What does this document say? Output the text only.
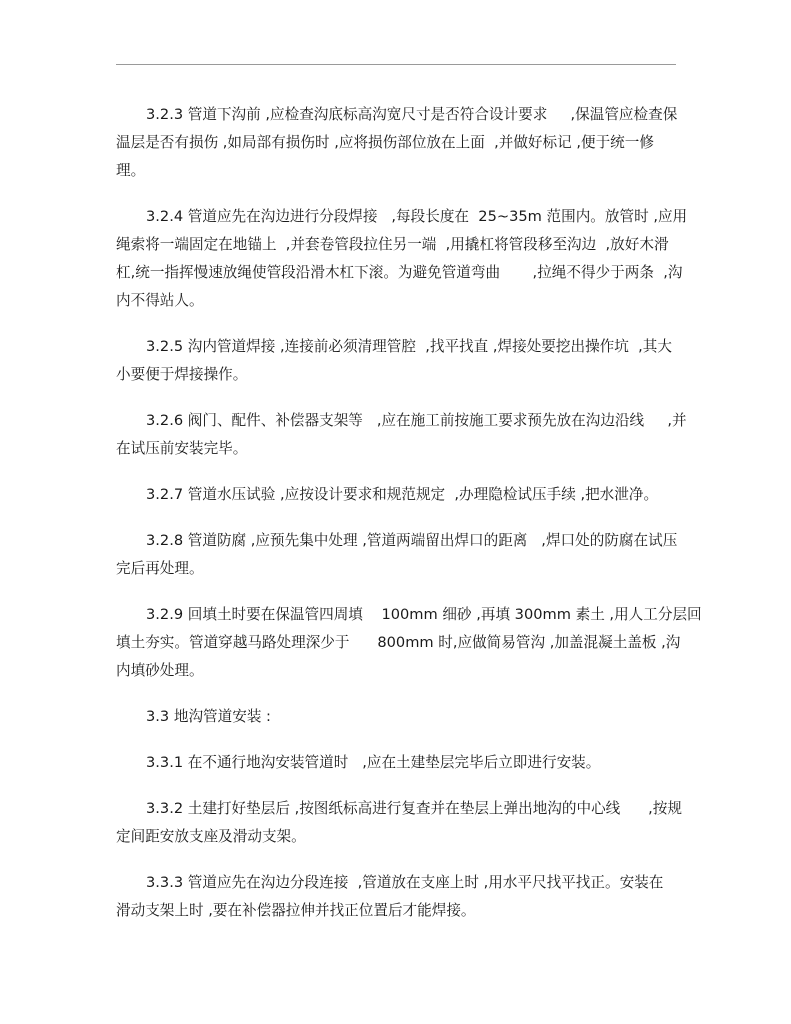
3.2.3 管道下沟前 ,应检查沟底标高沟宽尺寸是否符合设计要求     ,保温管应检查保
温层是否有损伤 ,如局部有损伤时 ,应将损伤部位放在上面  ,并做好标记 ,便于统一修
理。

3.2.4 管道应先在沟边进行分段焊接   ,每段长度在  25~35m 范围内。放管时 ,应用
绳索将一端固定在地锚上  ,并套卷管段拉住另一端  ,用撬杠将管段移至沟边  ,放好木滑
杠,统一指挥慢速放绳使管段沿滑木杠下滚。为避免管道弯曲       ,拉绳不得少于两条  ,沟
内不得站人。

3.2.5 沟内管道焊接 ,连接前必须清理管腔  ,找平找直 ,焊接处要挖出操作坑  ,其大
小要便于焊接操作。

3.2.6 阀门、配件、补偿器支架等   ,应在施工前按施工要求预先放在沟边沿线     ,并
在试压前安装完毕。

3.2.7 管道水压试验 ,应按设计要求和规范规定  ,办理隐检试压手续 ,把水泄净。

3.2.8 管道防腐 ,应预先集中处理 ,管道两端留出焊口的距离   ,焊口处的防腐在试压
完后再处理。

3.2.9 回填土时要在保温管四周填    100mm 细砂 ,再填 300mm 素土 ,用人工分层回
填土夯实。管道穿越马路处理深少于      800mm 时,应做简易管沟 ,加盖混凝土盖板 ,沟
内填砂处理。

3.3 地沟管道安装 :

3.3.1 在不通行地沟安装管道时   ,应在土建垫层完毕后立即进行安装。

3.3.2 土建打好垫层后 ,按图纸标高进行复查并在垫层上弹出地沟的中心线      ,按规
定间距安放支座及滑动支架。

3.3.3 管道应先在沟边分段连接  ,管道放在支座上时 ,用水平尺找平找正。安装在
滑动支架上时 ,要在补偿器拉伸并找正位置后才能焊接。
